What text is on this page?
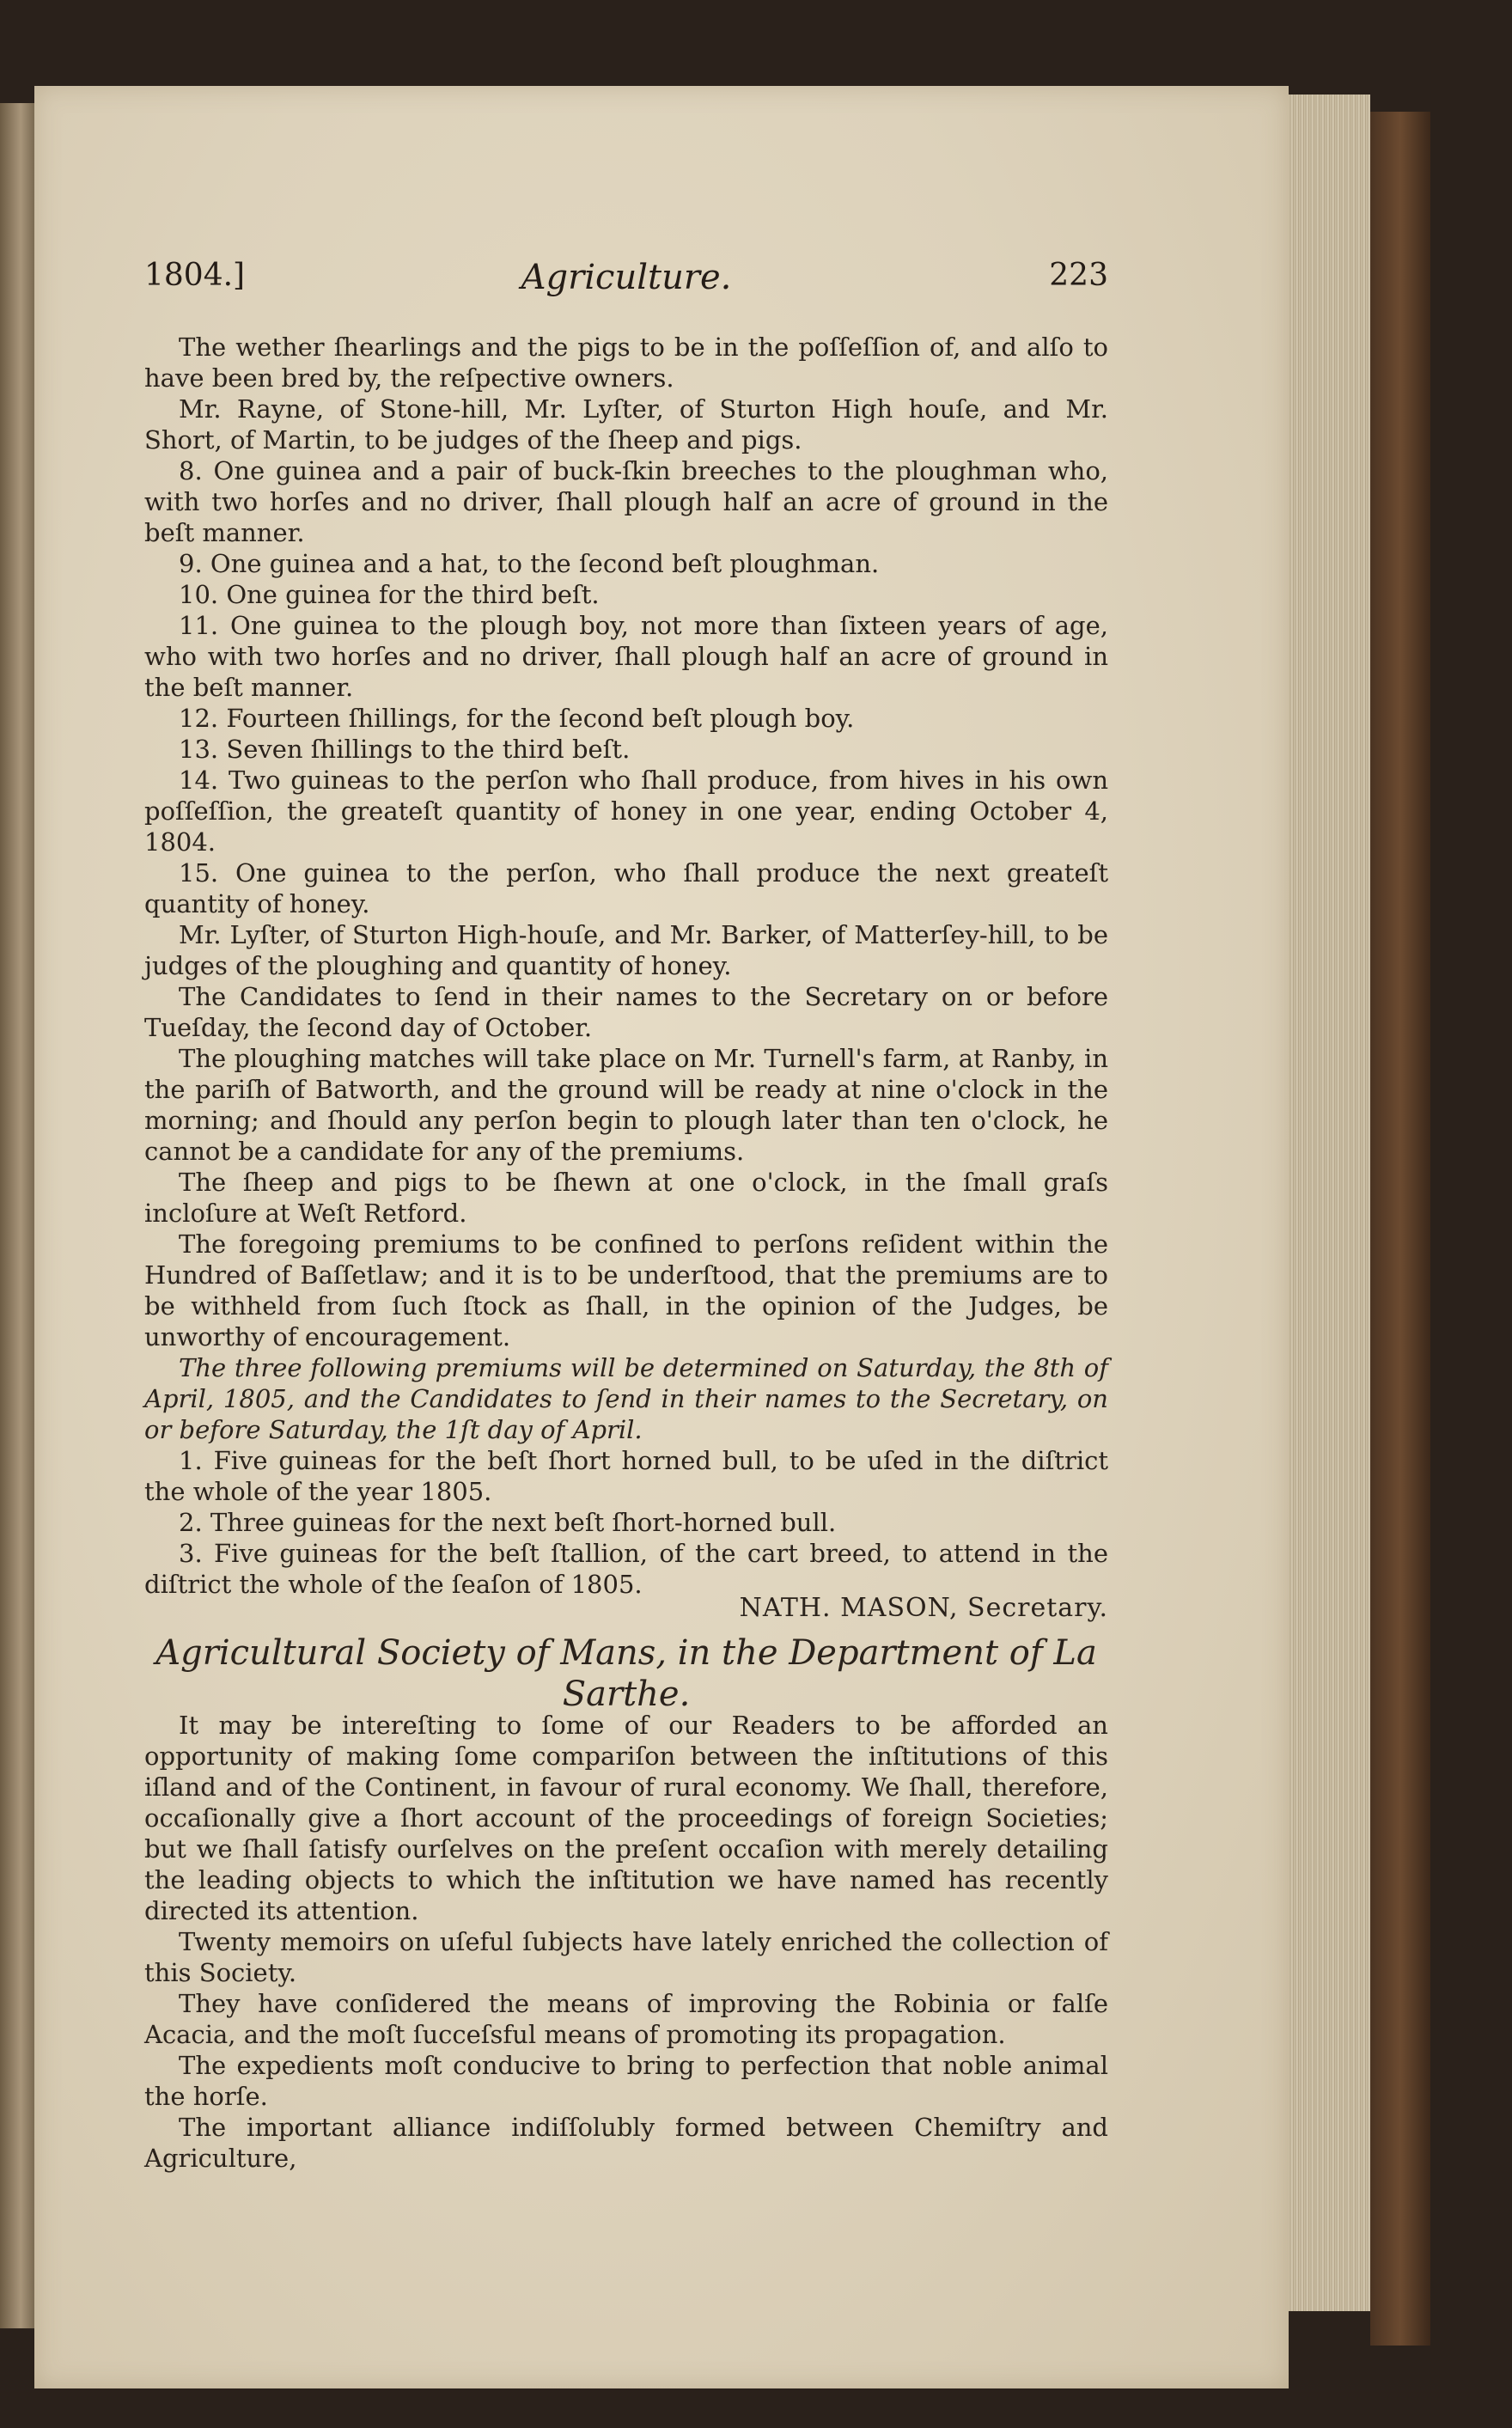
1804.]	Agriculture.	223

The wether ſhearlings and the pigs to be in the poſſeſſion of, and alſo to have been bred by, the reſpective owners.

Mr. Rayne, of Stone-hill, Mr. Lyſter, of Sturton High houſe, and Mr. Short, of Martin, to be judges of the ſheep and pigs.

8. One guinea and a pair of buck-ſkin breeches to the ploughman who, with two horſes and no driver, ſhall plough half an acre of ground in the beſt manner.

9. One guinea and a hat, to the ſecond beſt ploughman.

10. One guinea for the third beſt.

11. One guinea to the plough boy, not more than ſixteen years of age, who with two horſes and no driver, ſhall plough half an acre of ground in the beſt manner.

12. Fourteen ſhillings, for the ſecond beſt plough boy.

13. Seven ſhillings to the third beſt.

14. Two guineas to the perſon who ſhall produce, from hives in his own poſſeſſion, the greateſt quantity of honey in one year, ending October 4, 1804.

15. One guinea to the perſon, who ſhall produce the next greateſt quantity of honey.

Mr. Lyſter, of Sturton High-houſe, and Mr. Barker, of Matterſey-hill, to be judges of the ploughing and quantity of honey.

The Candidates to ſend in their names to the Secretary on or before Tueſday, the ſecond day of October.

The ploughing matches will take place on Mr. Turnell's farm, at Ranby, in the pariſh of Batworth, and the ground will be ready at nine o'clock in the morning; and ſhould any perſon begin to plough later than ten o'clock, he cannot be a candidate for any of the premiums.

The ſheep and pigs to be ſhewn at one o'clock, in the ſmall graſs incloſure at Weſt Retford.

The foregoing premiums to be confined to perſons reſident within the Hundred of Baſſetlaw; and it is to be underſtood, that the premiums are to be withheld from ſuch ſtock as ſhall, in the opinion of the Judges, be unworthy of encouragement.

The three following premiums will be determined on Saturday, the 8th of April, 1805, and the Candidates to ſend in their names to the Secretary, on or before Saturday, the 1ſt day of April.

1. Five guineas for the beſt ſhort horned bull, to be uſed in the diſtrict the whole of the year 1805.

2. Three guineas for the next beſt ſhort-horned bull.

3. Five guineas for the beſt ſtallion, of the cart breed, to attend in the diſtrict the whole of the ſeaſon of 1805.

NATH. MASON, Secretary.
Agricultural Society of Mans, in the Department of La Sarthe.

It may be intereſting to ſome of our Readers to be afforded an opportunity of making ſome compariſon between the inſtitutions of this iſland and of the Continent, in favour of rural economy. We ſhall, therefore, occaſionally give a ſhort account of the proceedings of foreign Societies; but we ſhall ſatisfy ourſelves on the preſent occaſion with merely detailing the leading objects to which the inſtitution we have named has recently directed its attention.

Twenty memoirs on uſeful ſubjects have lately enriched the collection of this Society.

They have conſidered the means of improving the Robinia or falſe Acacia, and the moſt ſucceſsful means of promoting its propagation.

The expedients moſt conducive to bring to perfection that noble animal the horſe.

The important alliance indiſſolubly formed between Chemiſtry and Agriculture,
